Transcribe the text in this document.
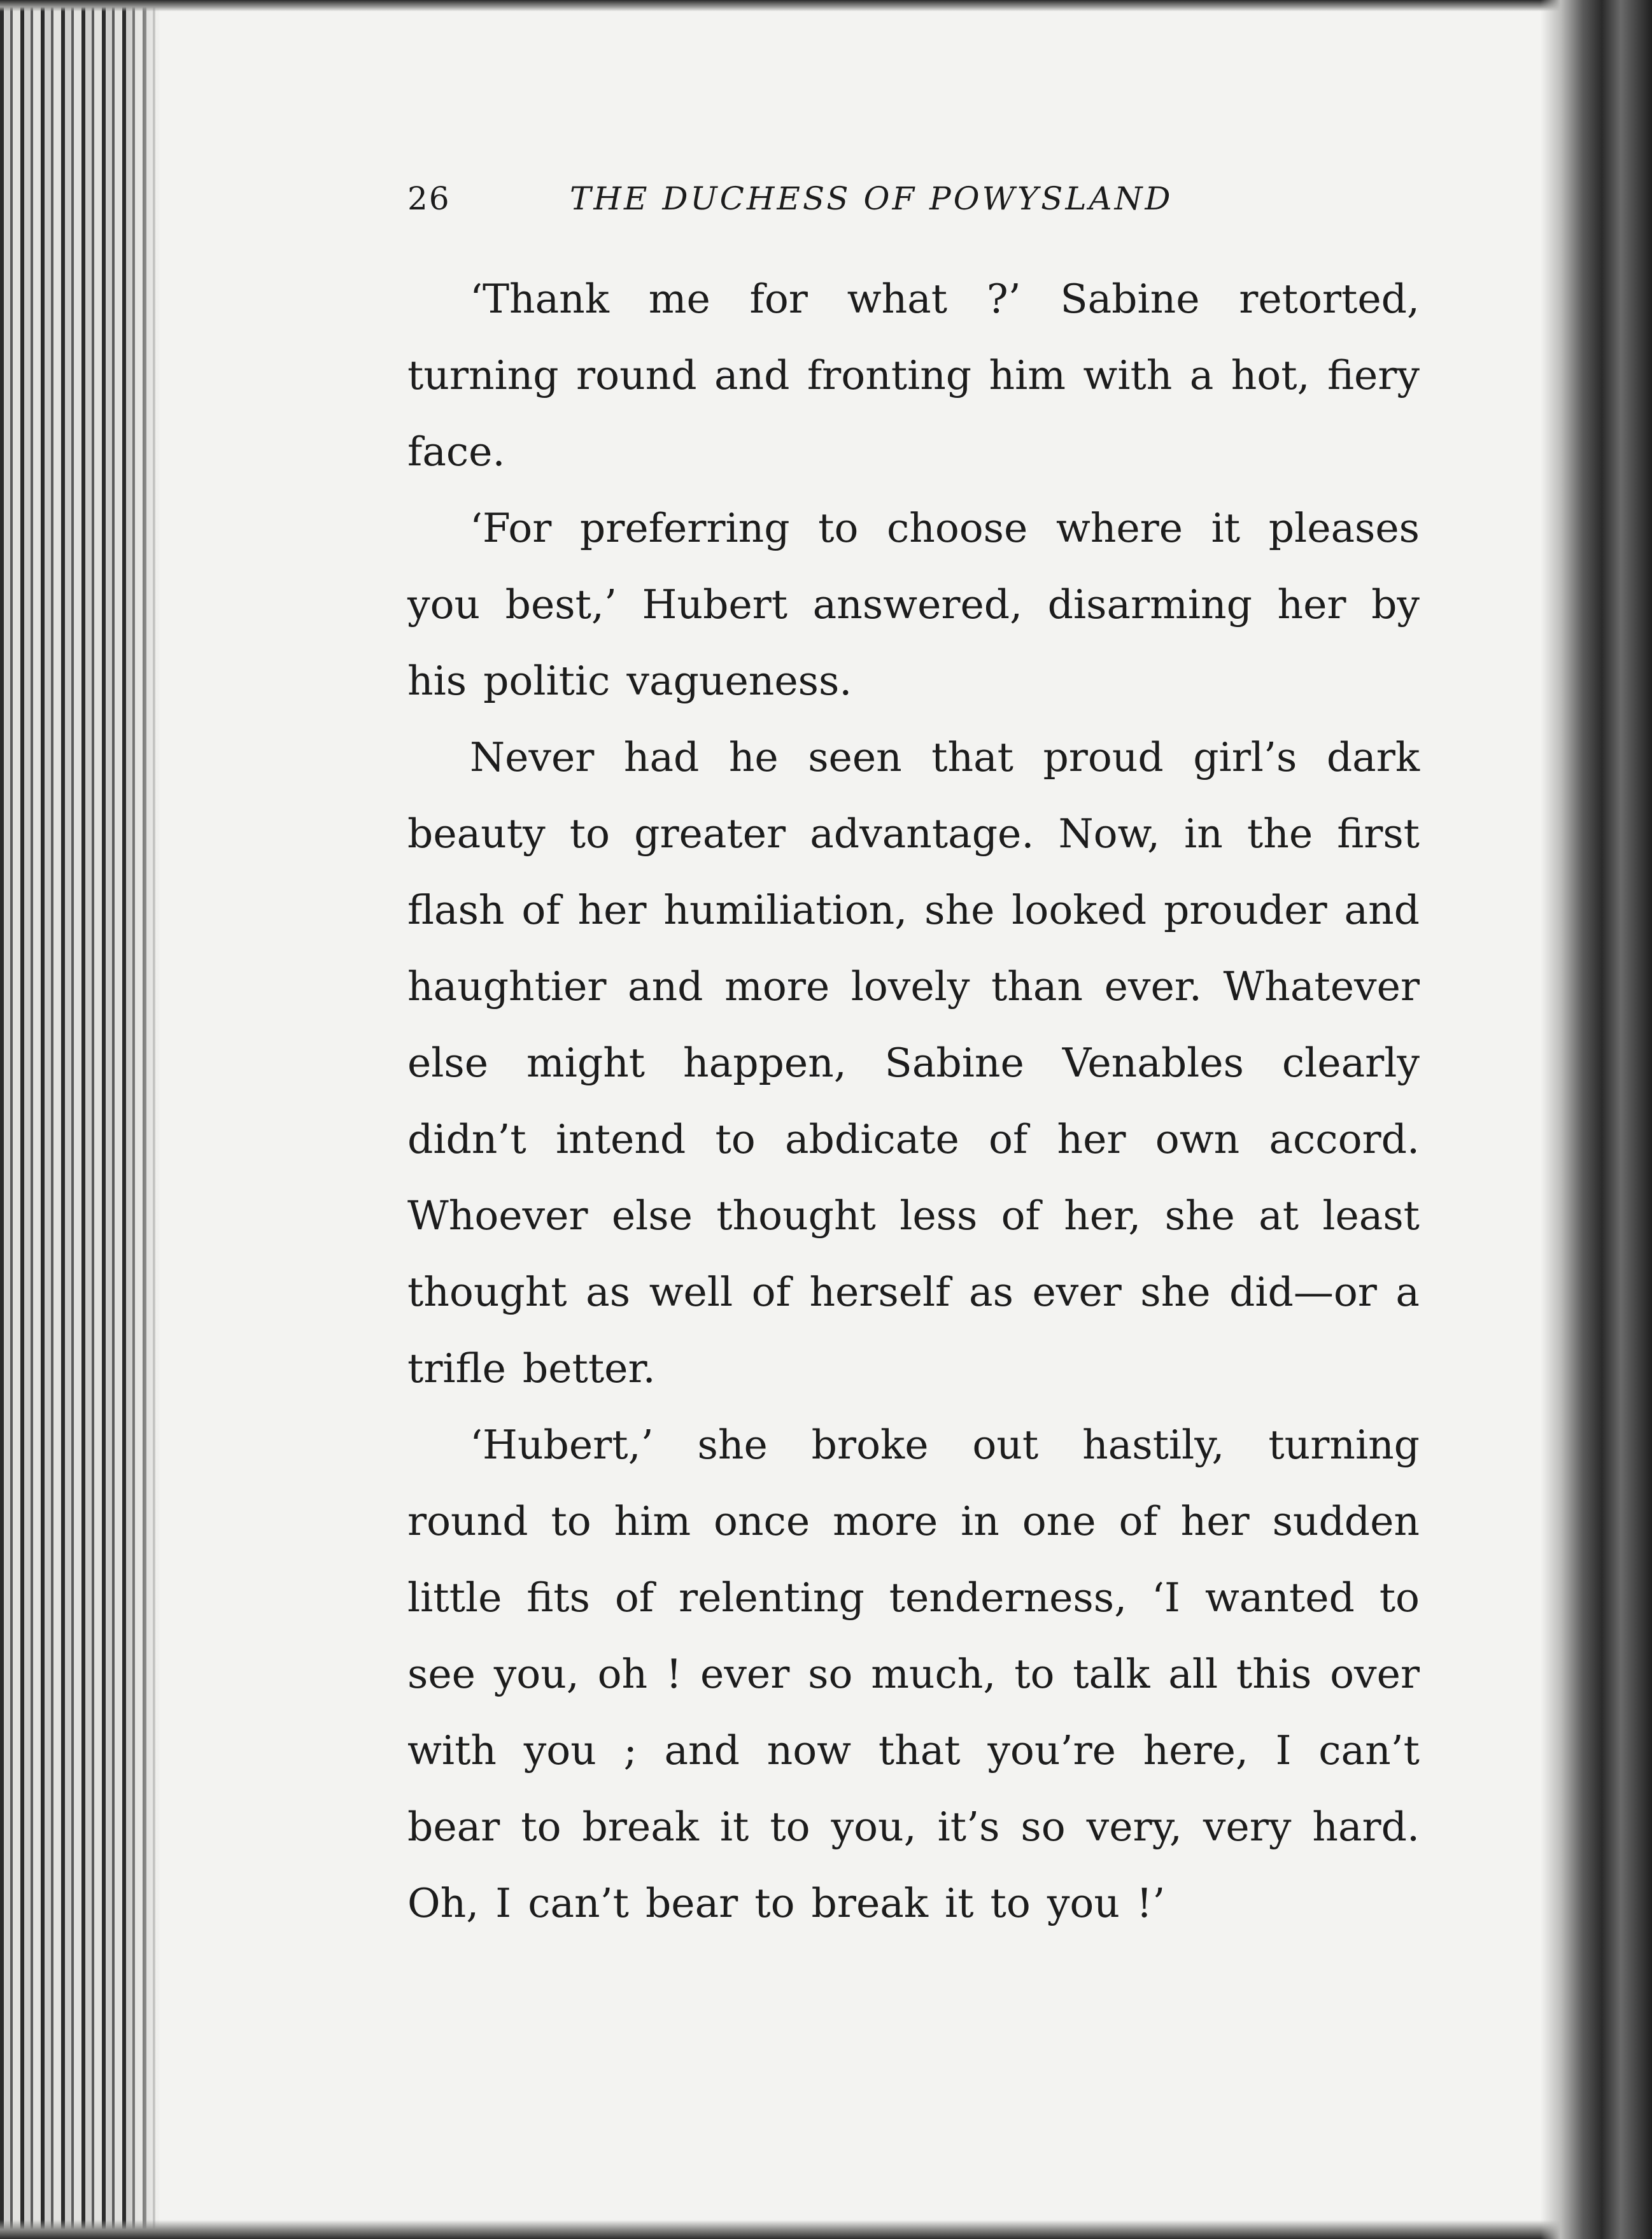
26	THE DUCHESS OF POWYSLAND

‘Thank me for what ?’ Sabine retorted, turning round and fronting him with a hot, fiery face.

‘For preferring to choose where it pleases you best,’ Hubert answered, disarming her by his politic vagueness.

Never had he seen that proud girl’s dark beauty to greater advantage. Now, in the first flash of her humiliation, she looked prouder and haughtier and more lovely than ever. Whatever else might happen, Sabine Venables clearly didn’t intend to abdicate of her own accord. Whoever else thought less of her, she at least thought as well of herself as ever she did—or a trifle better.

‘Hubert,’ she broke out hastily, turning round to him once more in one of her sudden little fits of relenting tenderness, ‘I wanted to see you, oh ! ever so much, to talk all this over with you ; and now that you’re here, I can’t bear to break it to you, it’s so very, very hard. Oh, I can’t bear to break it to you !’
